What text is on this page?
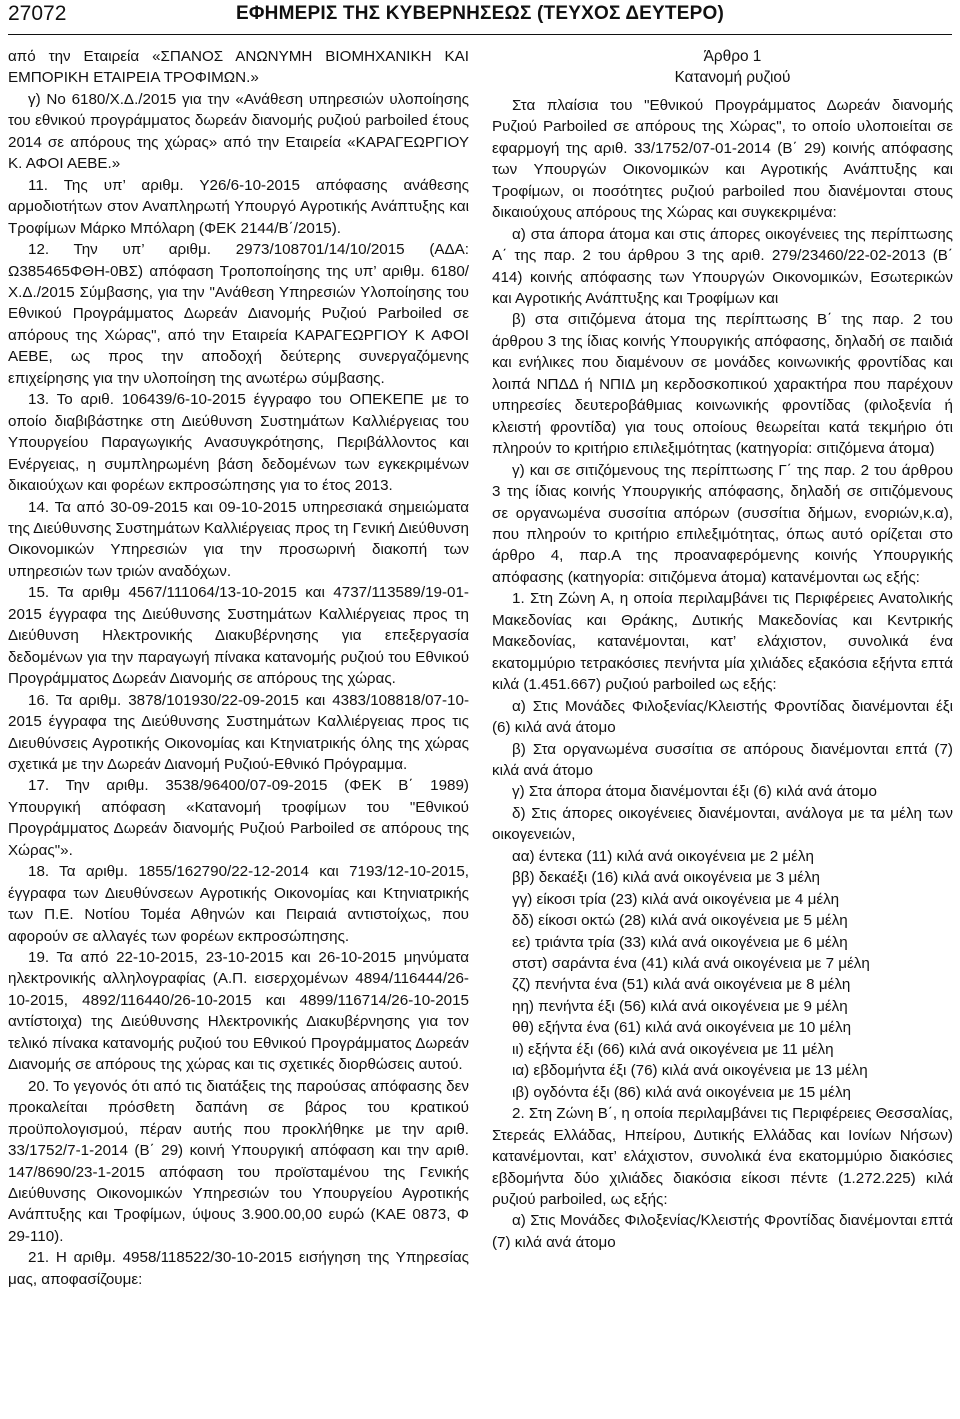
27072	ΕΦΗΜΕΡΙΣ ΤΗΣ ΚΥΒΕΡΝΗΣΕΩΣ (ΤΕΥΧΟΣ ΔΕΥΤΕΡΟ)

από την Εταιρεία «ΣΠΑΝΟΣ ΑΝΩΝΥΜΗ ΒΙΟΜΗΧΑΝΙΚΗ ΚΑΙ ΕΜΠΟΡΙΚΗ ΕΤΑΙΡΕΙΑ ΤΡΟΦΙΜΩΝ.»

γ) Νο 6180/Χ.Δ./2015 για την «Ανάθεση υπηρεσιών υλοποίησης του εθνικού προγράμματος δωρεάν διανομής ρυζιού parboiled έτους 2014 σε απόρους της χώρας» από την Εταιρεία «ΚΑΡΑΓΕΩΡΓΙΟΥ Κ. ΑΦΟΙ ΑΕΒΕ.»

11. Της υπ’ αριθμ. Υ26/6-10-2015 απόφασης ανάθεσης αρμοδιοτήτων στον Αναπληρωτή Υπουργό Αγροτικής Ανάπτυξης και Τροφίμων Μάρκο Μπόλαρη (ΦΕΚ 2144/Β΄/2015).

12. Την υπ’ αριθμ. 2973/108701/14/10/2015 (ΑΔΑ: Ω385465ΦΘΗ-0ΒΣ) απόφαση Τροποποίησης της υπ’ αριθμ. 6180/Χ.Δ./2015 Σύμβασης, για την "Ανάθεση Υπηρεσιών Υλοποίησης του Εθνικού Προγράμματος Δωρεάν Διανομής Ρυζιού Parboiled σε απόρους της Χώρας", από την Εταιρεία ΚΑΡΑΓΕΩΡΓΙΟΥ Κ ΑΦΟΙ ΑΕΒΕ, ως προς την αποδοχή δεύτερης συνεργαζόμενης επιχείρησης για την υλοποίηση της ανωτέρω σύμβασης.

13. Το αριθ. 106439/6-10-2015 έγγραφο του ΟΠΕΚΕΠΕ με το οποίο διαβιβάστηκε στη Διεύθυνση Συστημάτων Καλλιέργειας του Υπουργείου Παραγωγικής Ανασυγκρότησης, Περιβάλλοντος και Ενέργειας, η συμπληρωμένη βάση δεδομένων των εγκεκριμένων δικαιούχων και φορέων εκπροσώπησης για το έτος 2013.

14. Τα από 30-09-2015 και 09-10-2015 υπηρεσιακά σημειώματα της Διεύθυνσης Συστημάτων Καλλιέργειας προς τη Γενική Διεύθυνση Οικονομικών Υπηρεσιών για την προσωρινή διακοπή των υπηρεσιών των τριών αναδόχων.

15. Τα αριθμ 4567/111064/13-10-2015 και 4737/113589/19-01-2015 έγγραφα της Διεύθυνσης Συστημάτων Καλλιέργειας προς τη Διεύθυνση Ηλεκτρονικής Διακυβέρνησης για επεξεργασία δεδομένων για την παραγωγή πίνακα κατανομής ρυζιού του Εθνικού Προγράμματος Δωρεάν Διανομής σε απόρους της χώρας.

16. Τα αριθμ. 3878/101930/22-09-2015 και 4383/108818/07-10-2015 έγγραφα της Διεύθυνσης Συστημάτων Καλλιέργειας προς τις Διευθύνσεις Αγροτικής Οικονομίας και Κτηνιατρικής όλης της χώρας σχετικά με την Δωρεάν Διανομή Ρυζιού-Εθνικό Πρόγραμμα.

17. Την αριθμ. 3538/96400/07-09-2015 (ΦΕΚ Β΄ 1989) Υπουργική απόφαση «Κατανομή τροφίμων του "Εθνικού Προγράμματος Δωρεάν διανομής Ρυζιού Parboiled σε απόρους της Χώρας"».

18. Τα αριθμ. 1855/162790/22-12-2014 και 7193/12-10-2015, έγγραφα των Διευθύνσεων Αγροτικής Οικονομίας και Κτηνιατρικής των Π.Ε. Νοτίου Τομέα Αθηνών και Πειραιά αντιστοίχως, που αφορούν σε αλλαγές των φορέων εκπροσώπησης.

19. Τα από 22-10-2015, 23-10-2015 και 26-10-2015 μηνύματα ηλεκτρονικής αλληλογραφίας (Α.Π. εισερχομένων 4894/116444/26-10-2015, 4892/116440/26-10-2015 και 4899/116714/26-10-2015 αντίστοιχα) της Διεύθυνσης Ηλεκτρονικής Διακυβέρνησης για τον τελικό πίνακα κατανομής ρυζιού του Εθνικού Προγράμματος Δωρεάν Διανομής σε απόρους της χώρας και τις σχετικές διορθώσεις αυτού.

20. Το γεγονός ότι από τις διατάξεις της παρούσας απόφασης δεν προκαλείται πρόσθετη δαπάνη σε βάρος του κρατικού προϋπολογισμού, πέραν αυτής που προκλήθηκε με την αριθ. 33/1752/7-1-2014 (Β΄ 29) κοινή Υπουργική απόφαση και την αριθ. 147/8690/23-1-2015 απόφαση του προϊσταμένου της Γενικής Διεύθυνσης Οικονομικών Υπηρεσιών του Υπουργείου Αγροτικής Ανάπτυξης και Τροφίμων, ύψους 3.900.00,00 ευρώ (ΚΑΕ 0873, Φ 29-110).

21. Η αριθμ. 4958/118522/30-10-2015 εισήγηση της Υπηρεσίας μας, αποφασίζουμε:

Άρθρο 1

Κατανομή ρυζιού

Στα πλαίσια του "Εθνικού Προγράμματος Δωρεάν διανομής Ρυζιού Parboiled σε απόρους της Χώρας", το οποίο υλοποιείται σε εφαρμογή της αριθ. 33/1752/07-01-2014 (Β΄ 29) κοινής απόφασης των Υπουργών Οικονομικών και Αγροτικής Ανάπτυξης και Τροφίμων, οι ποσότητες ρυζιού parboiled που διανέμονται στους δικαιούχους απόρους της Χώρας και συγκεκριμένα:

α) στα άπορα άτομα και στις άπορες οικογένειες της περίπτωσης Α΄ της παρ. 2 του άρθρου 3 της αριθ. 279/23460/22-02-2013 (Β΄ 414) κοινής απόφασης των Υπουργών Οικονομικών, Εσωτερικών και Αγροτικής Ανάπτυξης και Τροφίμων και

β) στα σιτιζόμενα άτομα της περίπτωσης Β΄ της παρ. 2 του άρθρου 3 της ίδιας κοινής Υπουργικής απόφασης, δηλαδή σε παιδιά και ενήλικες που διαμένουν σε μονάδες κοινωνικής φροντίδας και λοιπά ΝΠΔΔ ή ΝΠΙΔ μη κερδοσκοπικού χαρακτήρα που παρέχουν υπηρεσίες δευτεροβάθμιας κοινωνικής φροντίδας (φιλοξενία ή κλειστή φροντίδα) για τους οποίους θεωρείται κατά τεκμήριο ότι πληρούν το κριτήριο επιλεξιμότητας (κατηγορία: σιτιζόμενα άτομα)

γ) και σε σιτιζόμενους της περίπτωσης Γ΄ της παρ. 2 του άρθρου 3 της ίδιας κοινής Υπουργικής απόφασης, δηλαδή σε σιτιζόμενους σε οργανωμένα συσσίτια απόρων (συσσίτια δήμων, ενοριών,κ.α), που πληρούν το κριτήριο επιλεξιμότητας, όπως αυτό ορίζεται στο άρθρο 4, παρ.Α της προαναφερόμενης κοινής Υπουργικής απόφασης (κατηγορία: σιτιζόμενα άτομα) κατανέμονται ως εξής:

1. Στη Ζώνη Α, η οποία περιλαμβάνει τις Περιφέρειες Ανατολικής Μακεδονίας και Θράκης, Δυτικής Μακεδονίας και Κεντρικής Μακεδονίας, κατανέμονται, κατ’ ελάχιστον, συνολικά ένα εκατομμύριο τετρακόσιες πενήντα μία χιλιάδες εξακόσια εξήντα επτά κιλά (1.451.667) ρυζιού parboiled ως εξής:

α) Στις Μονάδες Φιλοξενίας/Κλειστής Φροντίδας διανέμονται έξι (6) κιλά ανά άτομο

β) Στα οργανωμένα συσσίτια σε απόρους διανέμονται επτά (7) κιλά ανά άτομο

γ) Στα άπορα άτομα διανέμονται έξι (6) κιλά ανά άτομο

δ) Στις άπορες οικογένειες διανέμονται, ανάλογα με τα μέλη των οικογενειών,

αα) έντεκα (11) κιλά ανά οικογένεια με 2 μέλη

ββ) δεκαέξι (16) κιλά ανά οικογένεια με 3 μέλη

γγ) είκοσι τρία (23) κιλά ανά οικογένεια με 4 μέλη

δδ) είκοσι οκτώ (28) κιλά ανά οικογένεια με 5 μέλη

εε) τριάντα τρία (33) κιλά ανά οικογένεια με 6 μέλη

στστ) σαράντα ένα (41) κιλά ανά οικογένεια με 7 μέλη

ζζ) πενήντα ένα (51) κιλά ανά οικογένεια με 8 μέλη

ηη) πενήντα έξι (56) κιλά ανά οικογένεια με 9 μέλη

θθ) εξήντα ένα (61) κιλά ανά οικογένεια με 10 μέλη

ιι) εξήντα έξι (66) κιλά ανά οικογένεια με 11 μέλη

ια) εβδομήντα έξι (76) κιλά ανά οικογένεια με 13 μέλη

ιβ) ογδόντα έξι (86) κιλά ανά οικογένεια με 15 μέλη

2. Στη Ζώνη Β΄, η οποία περιλαμβάνει τις Περιφέρειες Θεσσαλίας, Στερεάς Ελλάδας, Ηπείρου, Δυτικής Ελλάδας και Ιονίων Νήσων) κατανέμονται, κατ’ ελάχιστον, συνολικά ένα εκατομμύριο διακόσιες εβδομήντα δύο χιλιάδες διακόσια είκοσι πέντε (1.272.225) κιλά ρυζιού parboiled, ως εξής:

α) Στις Μονάδες Φιλοξενίας/Κλειστής Φροντίδας διανέμονται επτά (7) κιλά ανά άτομο
